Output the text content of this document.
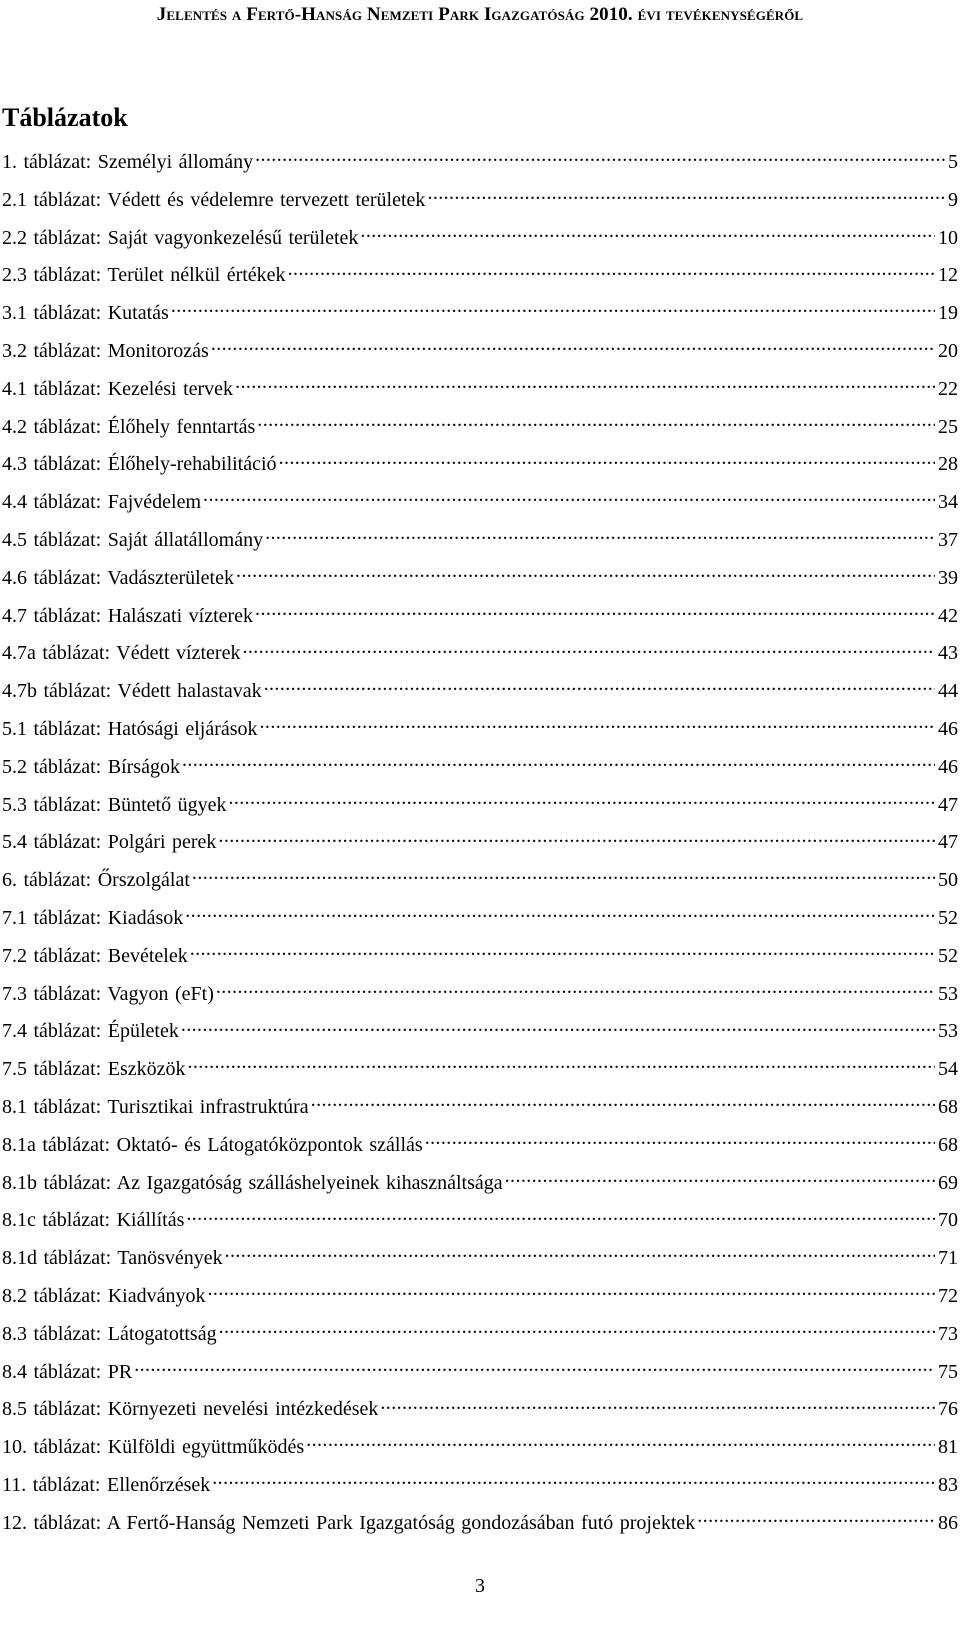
Jelentés a Fertő-Hanság Nemzeti Park Igazgatóság 2010. évi tevékenységéről
Táblázatok
1. táblázat: Személyi állomány .....	5
2.1 táblázat: Védett és védelemre tervezett területek .....	9
2.2 táblázat: Saját vagyonkezelésű területek .....	10
2.3 táblázat: Terület nélkül értékek .....	12
3.1 táblázat: Kutatás .....	19
3.2 táblázat: Monitorozás .....	20
4.1 táblázat: Kezelési tervek .....	22
4.2 táblázat: Élőhely fenntartás .....	25
4.3 táblázat: Élőhely-rehabilitáció .....	28
4.4 táblázat: Fajvédelem .....	34
4.5 táblázat: Saját állatállomány .....	37
4.6 táblázat: Vadászterületek .....	39
4.7 táblázat: Halászati vízterek .....	42
4.7a táblázat: Védett vízterek .....	43
4.7b táblázat: Védett halastavak .....	44
5.1 táblázat: Hatósági eljárások .....	46
5.2 táblázat: Bírságok .....	46
5.3 táblázat: Büntető ügyek .....	47
5.4 táblázat: Polgári perek .....	47
6. táblázat: Őrszolgálat .....	50
7.1 táblázat: Kiadások .....	52
7.2 táblázat: Bevételek .....	52
7.3 táblázat: Vagyon (eFt) .....	53
7.4 táblázat: Épületek .....	53
7.5 táblázat: Eszközök .....	54
8.1 táblázat: Turisztikai infrastruktúra .....	68
8.1a táblázat: Oktató- és Látogatóközpontok szállás .....	68
8.1b táblázat: Az Igazgatóság szálláshelyeinek kihasználtsága .....	69
8.1c táblázat: Kiállítás .....	70
8.1d táblázat: Tanösvények .....	71
8.2 táblázat: Kiadványok .....	72
8.3 táblázat: Látogatottság .....	73
8.4 táblázat: PR .....	75
8.5 táblázat: Környezeti nevelési intézkedések .....	76
10. táblázat: Külföldi együttműködés .....	81
11. táblázat: Ellenőrzések .....	83
12. táblázat: A Fertő-Hanság Nemzeti Park Igazgatóság gondozásában futó projektek .....	86
3
